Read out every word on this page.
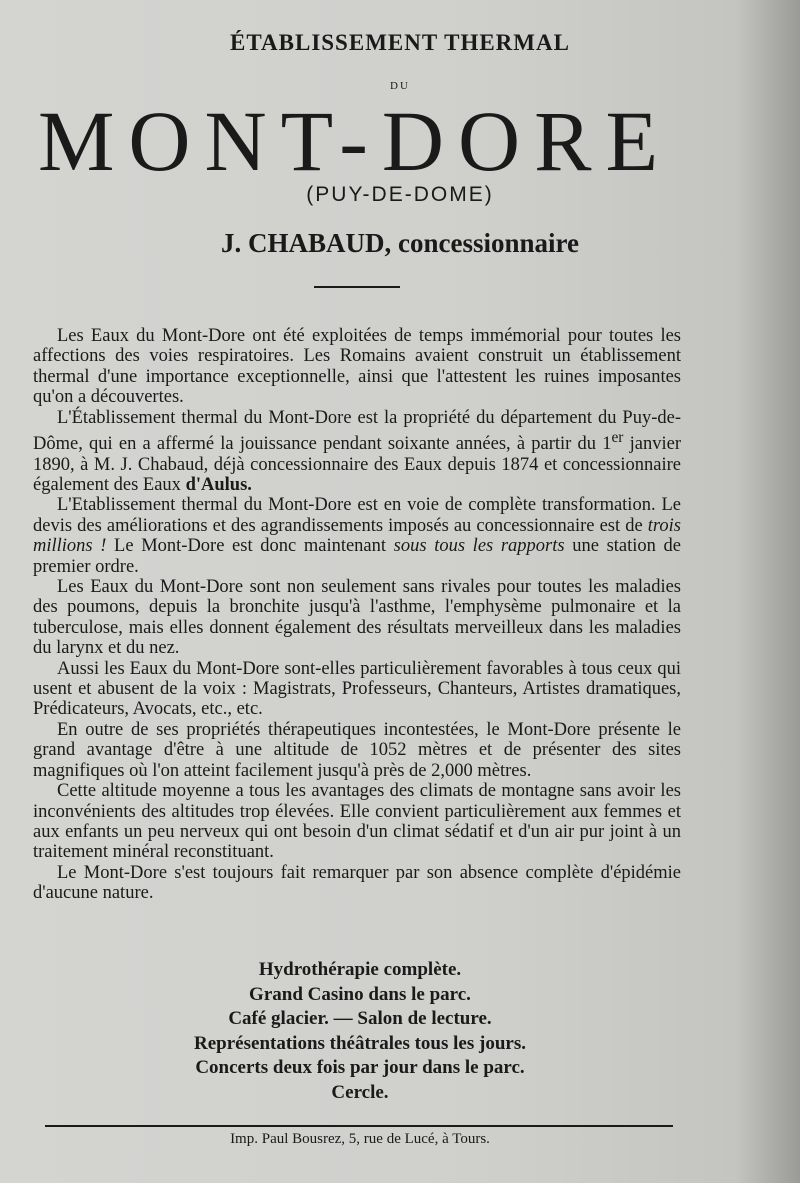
ÉTABLISSEMENT THERMAL
DU
MONT-DORE
(PUY-DE-DOME)
J. CHABAUD, concessionnaire

Les Eaux du Mont-Dore ont été exploitées de temps immémorial pour toutes les affections des voies respiratoires. Les Romains avaient construit un établissement thermal d'une importance exceptionnelle, ainsi que l'attestent les ruines imposantes qu'on a découvertes.

L'Établissement thermal du Mont-Dore est la propriété du département du Puy-de-Dôme, qui en a affermé la jouissance pendant soixante années, à partir du 1er janvier 1890, à M. J. Chabaud, déjà concessionnaire des Eaux depuis 1874 et concessionnaire également des Eaux d'Aulus.

L'Etablissement thermal du Mont-Dore est en voie de complète transformation. Le devis des améliorations et des agrandissements imposés au concessionnaire est de trois millions ! Le Mont-Dore est donc maintenant sous tous les rapports une station de premier ordre.

Les Eaux du Mont-Dore sont non seulement sans rivales pour toutes les maladies des poumons, depuis la bronchite jusqu'à l'asthme, l'emphysème pulmonaire et la tuberculose, mais elles donnent également des résultats merveilleux dans les maladies du larynx et du nez.

Aussi les Eaux du Mont-Dore sont-elles particulièrement favorables à tous ceux qui usent et abusent de la voix : Magistrats, Professeurs, Chanteurs, Artistes dramatiques, Prédicateurs, Avocats, etc., etc.

En outre de ses propriétés thérapeutiques incontestées, le Mont-Dore présente le grand avantage d'être à une altitude de 1052 mètres et de présenter des sites magnifiques où l'on atteint facilement jusqu'à près de 2,000 mètres.

Cette altitude moyenne a tous les avantages des climats de montagne sans avoir les inconvénients des altitudes trop élevées. Elle convient particulièrement aux femmes et aux enfants un peu nerveux qui ont besoin d'un climat sédatif et d'un air pur joint à un traitement minéral reconstituant.

Le Mont-Dore s'est toujours fait remarquer par son absence complète d'épidémie d'aucune nature.

Hydrothérapie complète.
Grand Casino dans le parc.
Café glacier. — Salon de lecture.
Représentations théâtrales tous les jours.
Concerts deux fois par jour dans le parc.
Cercle.
Imp. Paul Bousrez, 5, rue de Lucé, à Tours.
